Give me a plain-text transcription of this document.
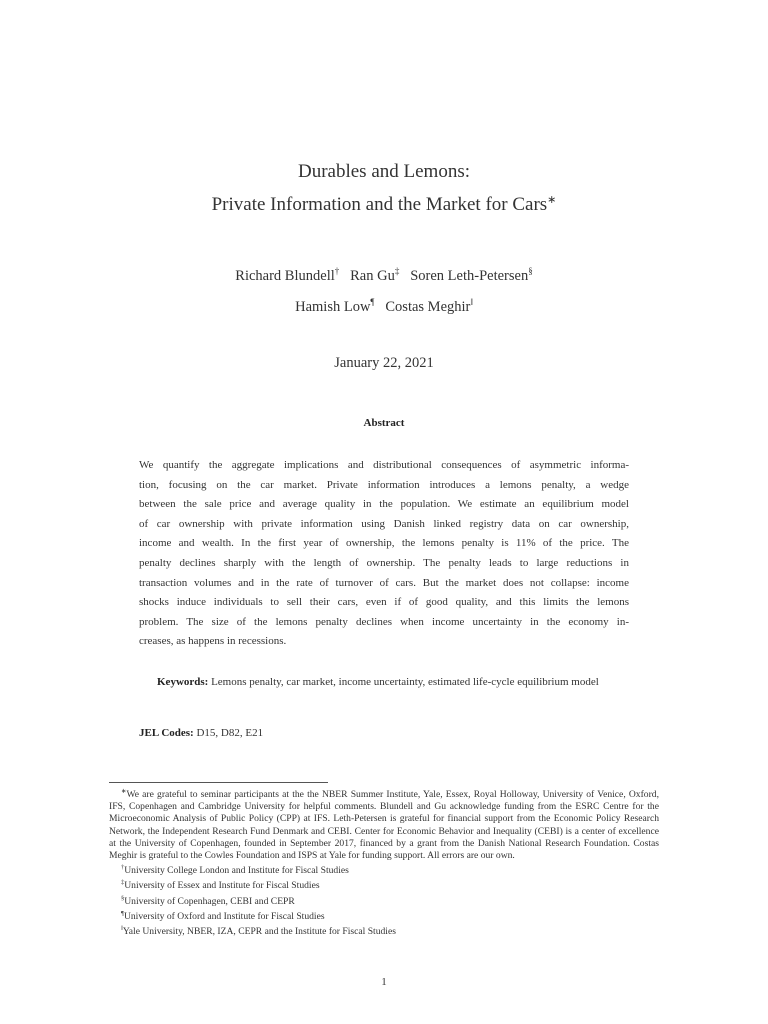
Durables and Lemons:
Private Information and the Market for Cars∗
Richard Blundell† Ran Gu‡ Soren Leth-Petersen§
Hamish Low¶ Costas Meghir‖
January 22, 2021
Abstract
We quantify the aggregate implications and distributional consequences of asymmetric informa-
tion, focusing on the car market. Private information introduces a lemons penalty, a wedge
between the sale price and average quality in the population. We estimate an equilibrium model
of car ownership with private information using Danish linked registry data on car ownership,
income and wealth. In the first year of ownership, the lemons penalty is 11% of the price. The
penalty declines sharply with the length of ownership. The penalty leads to large reductions in
transaction volumes and in the rate of turnover of cars. But the market does not collapse: income
shocks induce individuals to sell their cars, even if of good quality, and this limits the lemons
problem. The size of the lemons penalty declines when income uncertainty in the economy in-
creases, as happens in recessions.
Keywords: Lemons penalty, car market, income uncertainty, estimated life-cycle equilibrium model
JEL Codes: D15, D82, E21

∗We are grateful to seminar participants at the the NBER Summer Institute, Yale, Essex, Royal Holloway, University of Venice, Oxford, IFS, Copenhagen and Cambridge University for helpful comments. Blundell and Gu acknowledge funding from the ESRC Centre for the Microeconomic Analysis of Public Policy (CPP) at IFS. Leth-Petersen is grateful for financial support from the Economic Policy Research Network, the Independent Research Fund Denmark and CEBI. Center for Economic Behavior and Inequality (CEBI) is a center of excellence at the University of Copenhagen, founded in September 2017, financed by a grant from the Danish National Research Foundation. Costas Meghir is grateful to the Cowles Foundation and ISPS at Yale for funding support. All errors are our own.

†University College London and Institute for Fiscal Studies

‡University of Essex and Institute for Fiscal Studies

§University of Copenhagen, CEBI and CEPR

¶University of Oxford and Institute for Fiscal Studies

‖Yale University, NBER, IZA, CEPR and the Institute for Fiscal Studies

1
